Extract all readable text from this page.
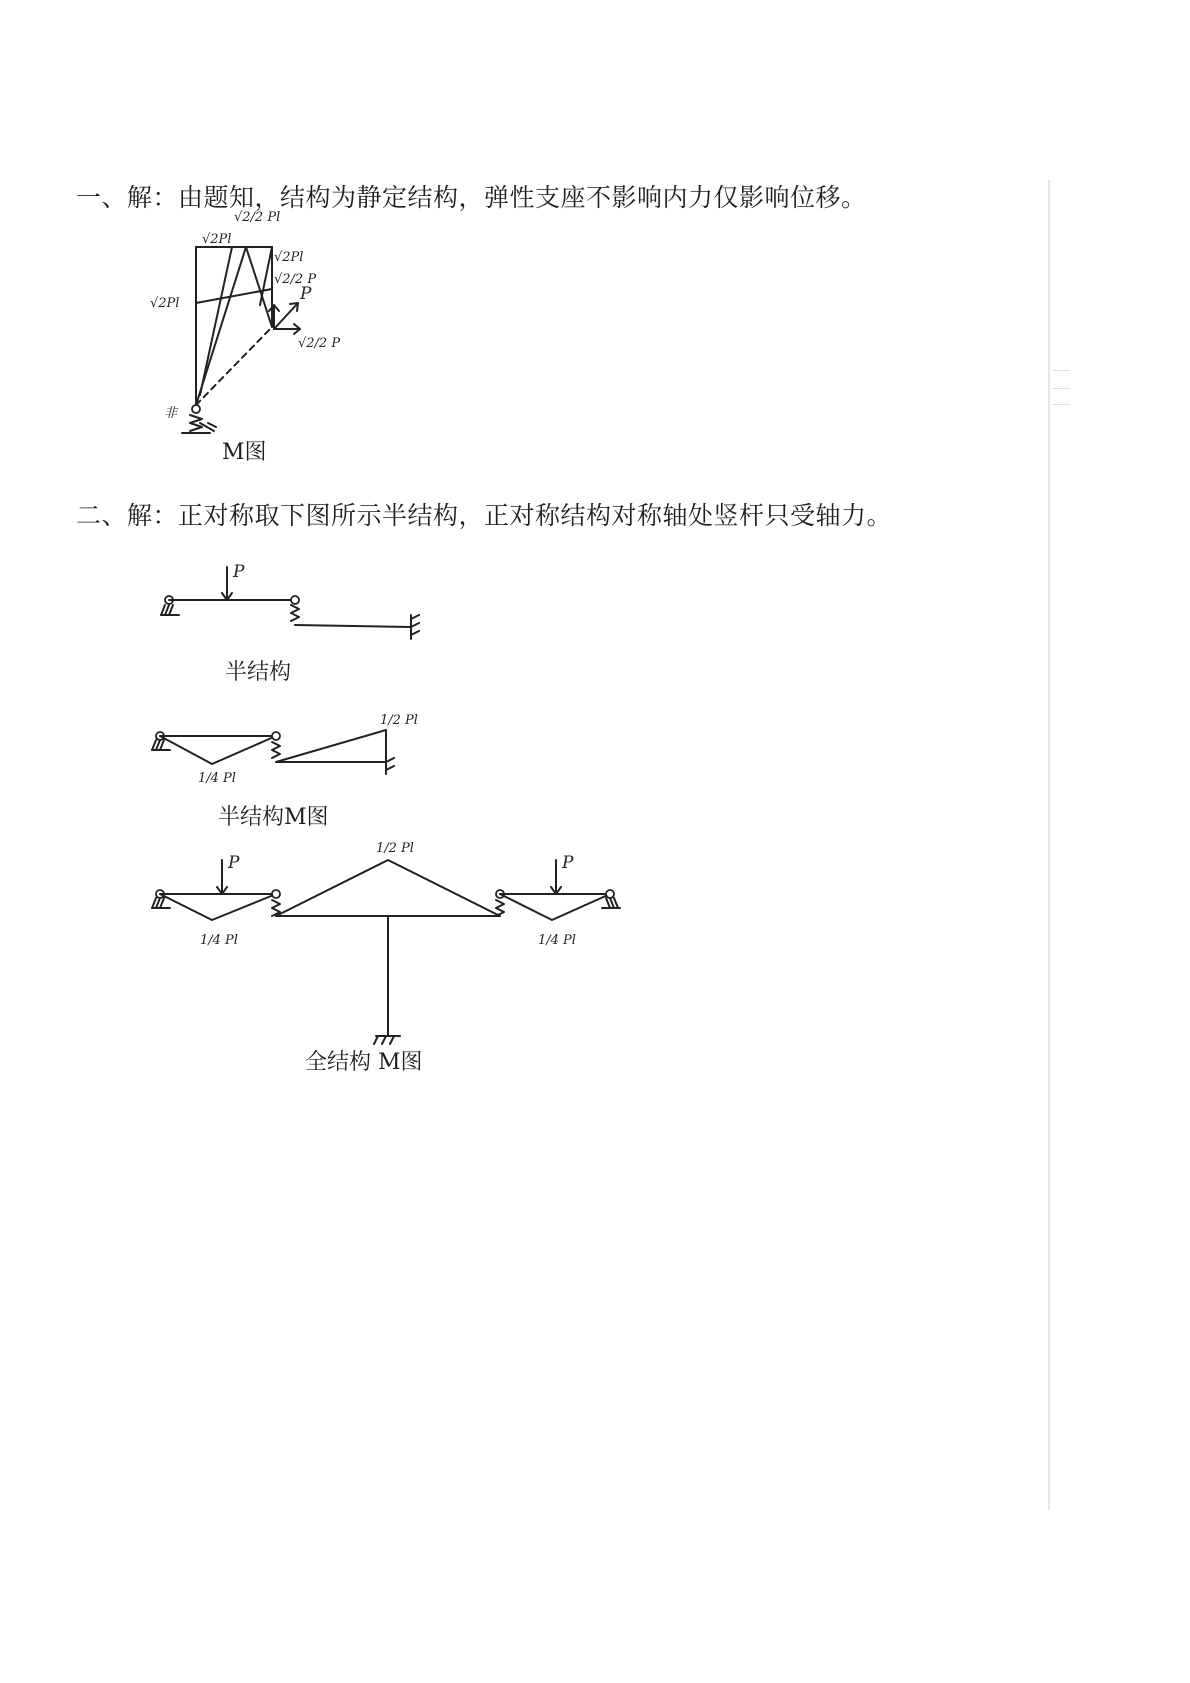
一、解：由题知，结构为静定结构，弹性支座不影响内力仅影响位移。
√2Pl
√2/2 Pl
√2Pl
√2/2 P
P
√2/2 P
√2Pl
非
M图
二、解：正对称取下图所示半结构，正对称结构对称轴处竖杆只受轴力。
P
半结构
1/2 Pl
1/4 Pl
半结构M图
P
1/4 Pl
1/2 Pl
P
1/4 Pl
全结构 M图
